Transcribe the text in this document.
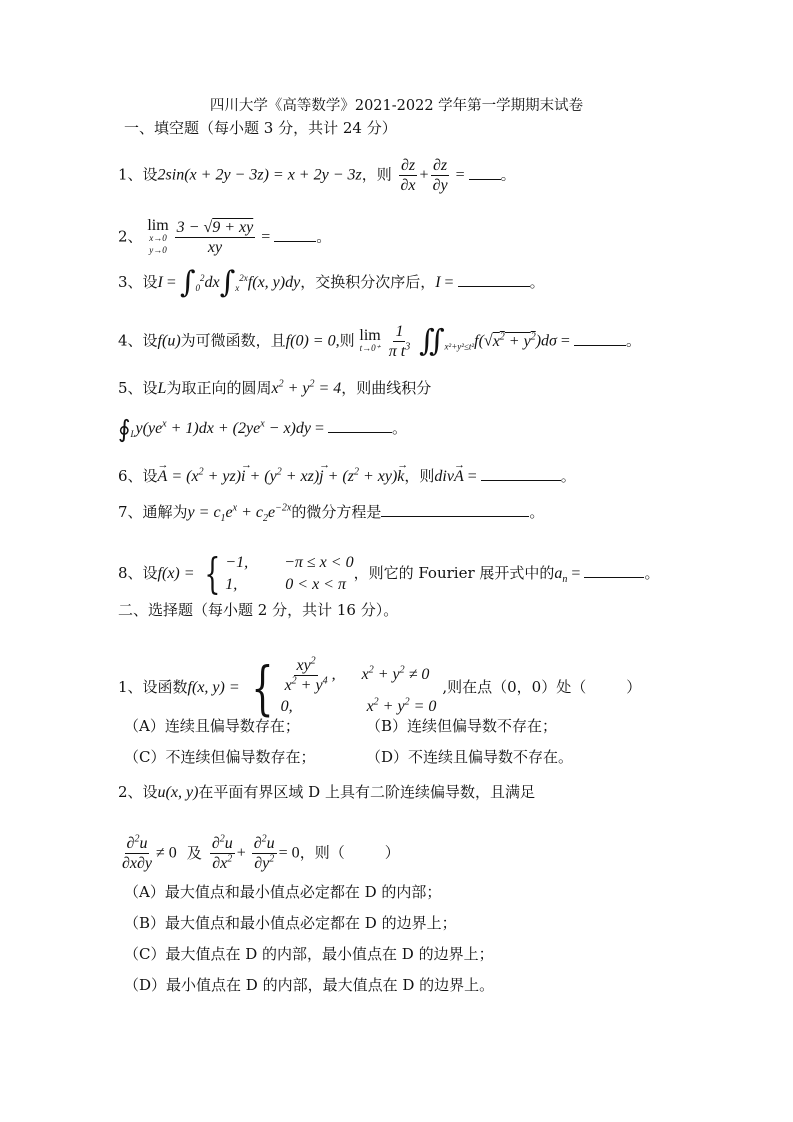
四川大学《高等数学》2021-2022 学年第一学期期末试卷
一、填空题（每小题 3 分，共计 24 分）
1、设2sin(x + 2y − 3z) = x + 2y − 3z，则 $\frac{\partial z}{\partial x} + \frac{\partial z}{\partial y}$ = 。
2、
lim
x→0
$y\to 0 \frac{3 - √9 + xy}{xy}$ =	。
3、设$I = \int_0^2dx\int_x^{2x}f(x$, y)dy，交换积分次序后，I =	。
4、设f(u)为可微函数，且f(0) = 0,则 lim
$t\to 0^+ \frac{1}{\pi t^3}$ $∬_{x^2+y^2\le t^2}f(√x^2 + y^2)d\sigma$ =	。
5、设L为取正向的圆周$x^2 + y^2 = 4$，则曲线积分
$∮_Ly(ye^x + 1)dx + (2ye^x - x)dy$ =	。
6、设→ $A = (x^2 + yz)\to i + (y^2 + xz)\to j + (z^2 + xy)\to k$，则div→ A =	。
7、通解为$y = c_1e^x + c_2e^{-2x}$的微分方程是	。
8、设f(x) = { −1,         −π ≤ x < 0
1,            0 < x < π
，则它的 Fourier 展开式中的$a_n$ =	。
二、选择题（每小题 2 分，共计 16 分）。
1、设函数f(x, y) = { $\frac{xy^2}{x^2 + y^4}$ , $x^2 + y^2 \ne 0$
0,	$x^2 + y^2 = 0$
,则在点（0，0）处（	）
（A）连续且偏导数存在；	（B）连续但偏导数不存在；
（C）不连续但偏导数存在；	（D）不连续且偏导数不存在。
2、设u(x, y)在平面有界区域 D 上具有二阶连续偏导数，且满足
$\frac{\partial^2u}{\partial x\partial y} \ne 0$ 及 $\frac{\partial^2u}{\partial x^2} + \frac{\partial^2u}{\partial y^2} = 0$，则（	）
（A）最大值点和最小值点必定都在 D 的内部；
（B）最大值点和最小值点必定都在 D 的边界上；
（C）最大值点在 D 的内部，最小值点在 D 的边界上；
（D）最小值点在 D 的内部，最大值点在 D 的边界上。
